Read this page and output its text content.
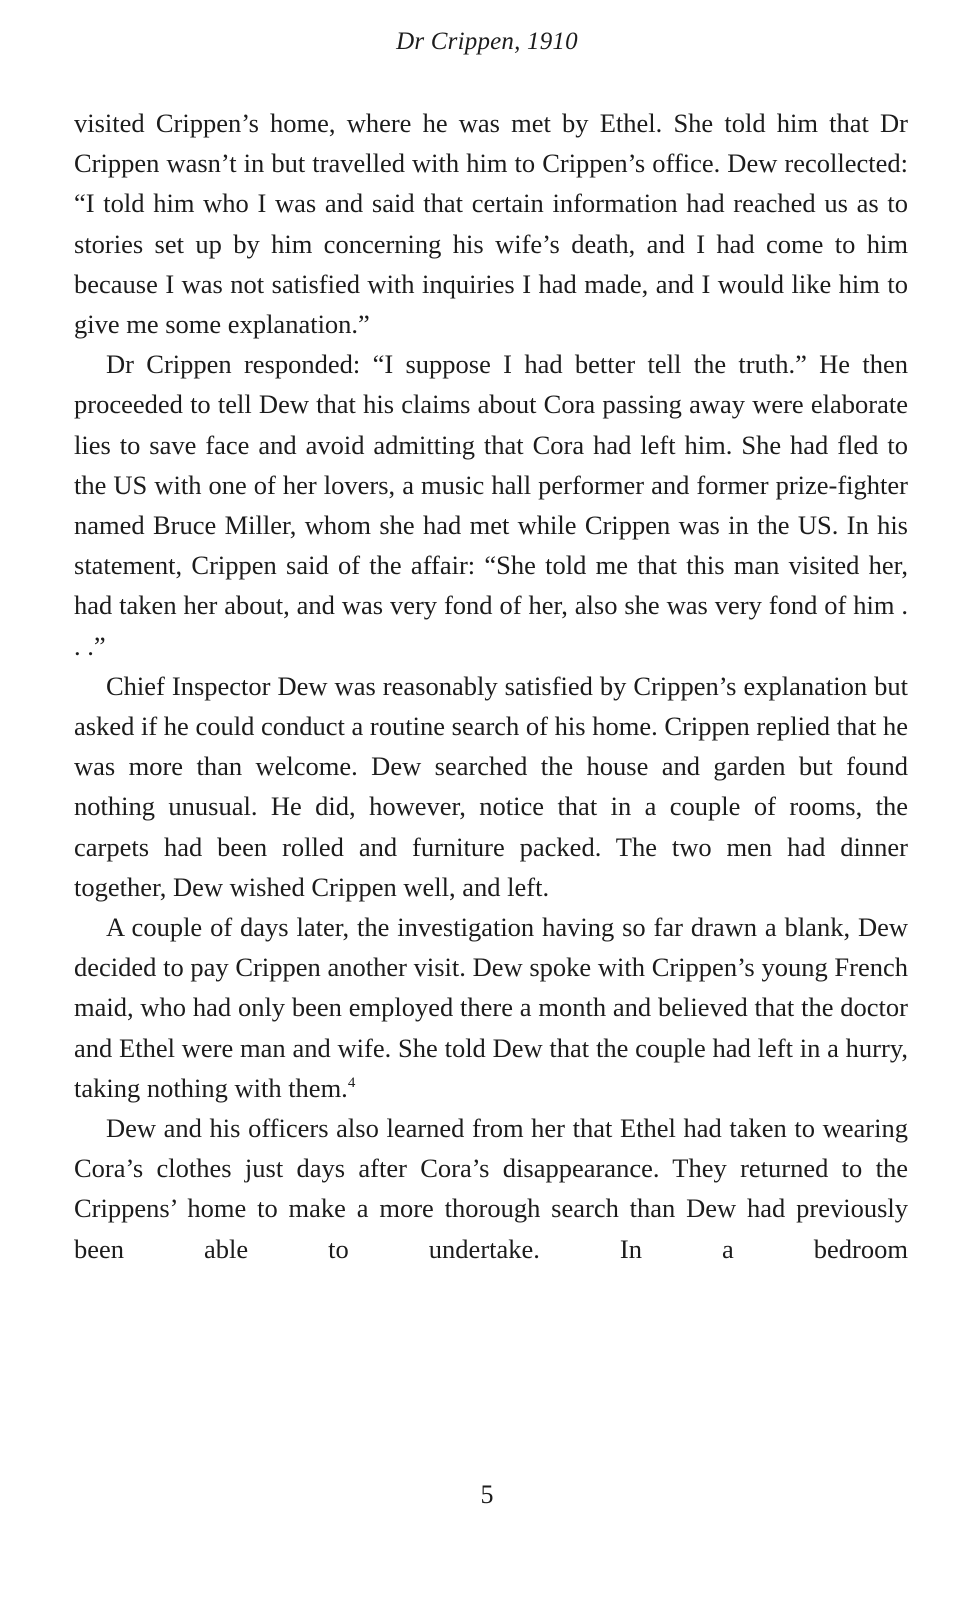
Dr Crippen, 1910

visited Crippen’s home, where he was met by Ethel. She told him that Dr Crippen wasn’t in but travelled with him to Crippen’s office. Dew recollected: “I told him who I was and said that certain information had reached us as to stories set up by him concerning his wife’s death, and I had come to him because I was not satisfied with inquiries I had made, and I would like him to give me some explanation.”

Dr Crippen responded: “I suppose I had better tell the truth.” He then proceeded to tell Dew that his claims about Cora passing away were elaborate lies to save face and avoid admitting that Cora had left him. She had fled to the US with one of her lovers, a music hall performer and former prize-fighter named Bruce Miller, whom she had met while Crippen was in the US. In his statement, Crippen said of the affair: “She told me that this man visited her, had taken her about, and was very fond of her, also she was very fond of him . . .”

Chief Inspector Dew was reasonably satisfied by Crippen’s explanation but asked if he could conduct a routine search of his home. Crippen replied that he was more than welcome. Dew searched the house and garden but found nothing unusual. He did, however, notice that in a couple of rooms, the carpets had been rolled and furniture packed. The two men had dinner together, Dew wished Crippen well, and left.

A couple of days later, the investigation having so far drawn a blank, Dew decided to pay Crippen another visit. Dew spoke with Crippen’s young French maid, who had only been employed there a month and believed that the doctor and Ethel were man and wife. She told Dew that the couple had left in a hurry, taking nothing with them.$^4$

Dew and his officers also learned from her that Ethel had taken to wearing Cora’s clothes just days after Cora’s disappearance. They returned to the Crippens’ home to make a more thorough search than Dew had previously been able to undertake. In a bedroom

5
